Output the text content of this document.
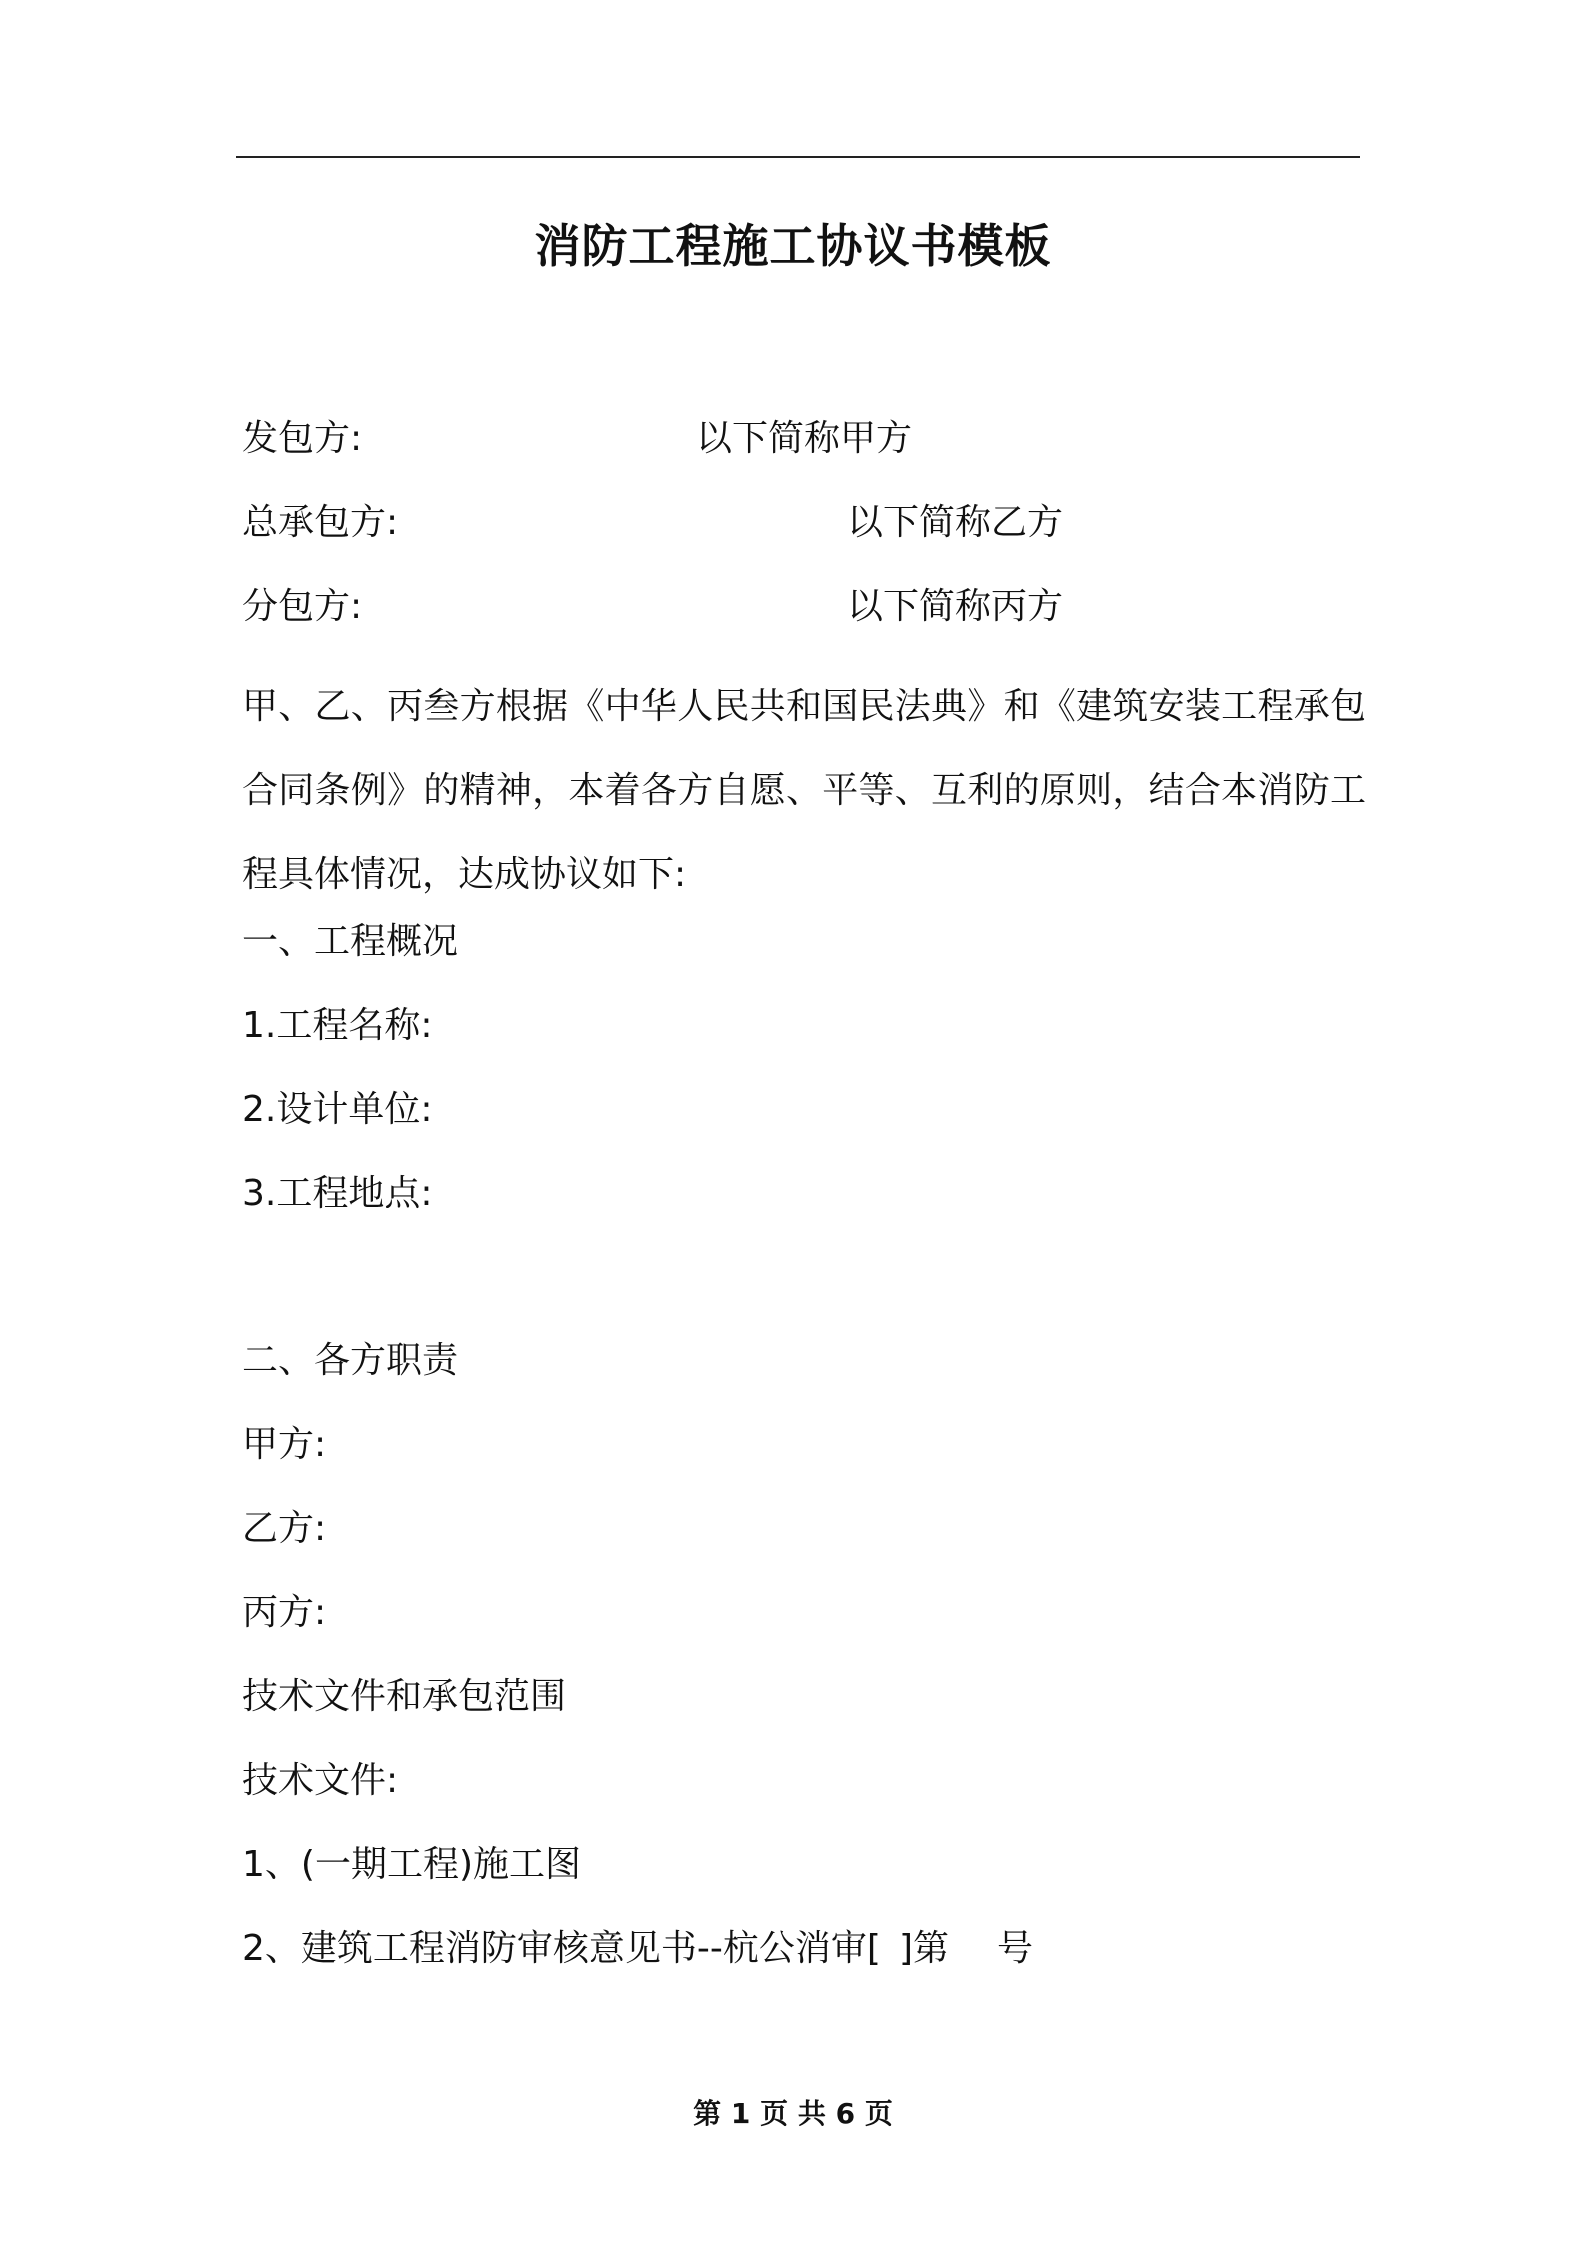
消防工程施工协议书模板
发包方:	以下简称甲方
总承包方:	以下简称乙方
分包方:	以下简称丙方
甲、乙、丙叁方根据《中华人民共和国民法典》和《建筑安装工程承包合同条例》的精神，本着各方自愿、平等、互利的原则，结合本消防工程具体情况，达成协议如下:
一、工程概况
1.工程名称:
2.设计单位:
3.工程地点:
二、各方职责
甲方:
乙方:
丙方:
技术文件和承包范围
技术文件:
1、(一期工程)施工图
2、建筑工程消防审核意见书--杭公消审[ ]第 号
第 1 页 共 6 页
